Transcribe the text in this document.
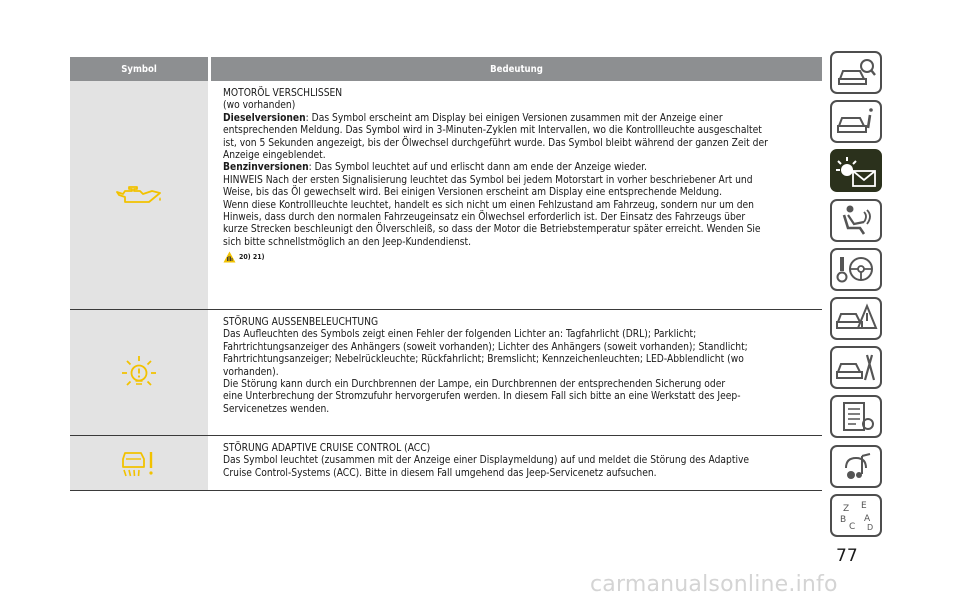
Symbol	Bedeutung
MOTORÖL VERSCHLISSEN
(wo vorhanden)
Dieselversionen: Das Symbol erscheint am Display bei einigen Versionen zusammen mit der Anzeige einer
entsprechenden Meldung. Das Symbol wird in 3-Minuten-Zyklen mit Intervallen, wo die Kontrollleuchte ausgeschaltet
ist, von 5 Sekunden angezeigt, bis der Ölwechsel durchgeführt wurde. Das Symbol bleibt während der ganzen Zeit der
Anzeige eingeblendet.
Benzinversionen: Das Symbol leuchtet auf und erlischt dann am ende der Anzeige wieder.
HINWEIS Nach der ersten Signalisierung leuchtet das Symbol bei jedem Motorstart in vorher beschriebener Art und
Weise, bis das Öl gewechselt wird. Bei einigen Versionen erscheint am Display eine entsprechende Meldung.
Wenn diese Kontrollleuchte leuchtet, handelt es sich nicht um einen Fehlzustand am Fahrzeug, sondern nur um den
Hinweis, dass durch den normalen Fahrzeugeinsatz ein Ölwechsel erforderlich ist. Der Einsatz des Fahrzeugs über
kurze Strecken beschleunigt den Ölverschleiß, so dass der Motor die Betriebstemperatur später erreicht. Wenden Sie
sich bitte schnellstmöglich an den Jeep-Kundendienst.
20) 21)
STÖRUNG AUSSENBELEUCHTUNG
Das Aufleuchten des Symbols zeigt einen Fehler der folgenden Lichter an: Tagfahrlicht (DRL); Parklicht;
Fahrtrichtungsanzeiger des Anhängers (soweit vorhanden); Lichter des Anhängers (soweit vorhanden); Standlicht;
Fahrtrichtungsanzeiger; Nebelrückleuchte; Rückfahrlicht; Bremslicht; Kennzeichenleuchten; LED-Abblendlicht (wo
vorhanden).
Die Störung kann durch ein Durchbrennen der Lampe, ein Durchbrennen der entsprechenden Sicherung oder
eine Unterbrechung der Stromzufuhr hervorgerufen werden. In diesem Fall sich bitte an eine Werkstatt des Jeep-
Servicenetzes wenden.
STÖRUNG ADAPTIVE CRUISE CONTROL (ACC)
Das Symbol leuchtet (zusammen mit der Anzeige einer Displaymeldung) auf und meldet die Störung des Adaptive
Cruise Control-Systems (ACC). Bitte in diesem Fall umgehend das Jeep-Servicenetz aufsuchen.
Z E
B A
C D
77
carmanualsonline.info
